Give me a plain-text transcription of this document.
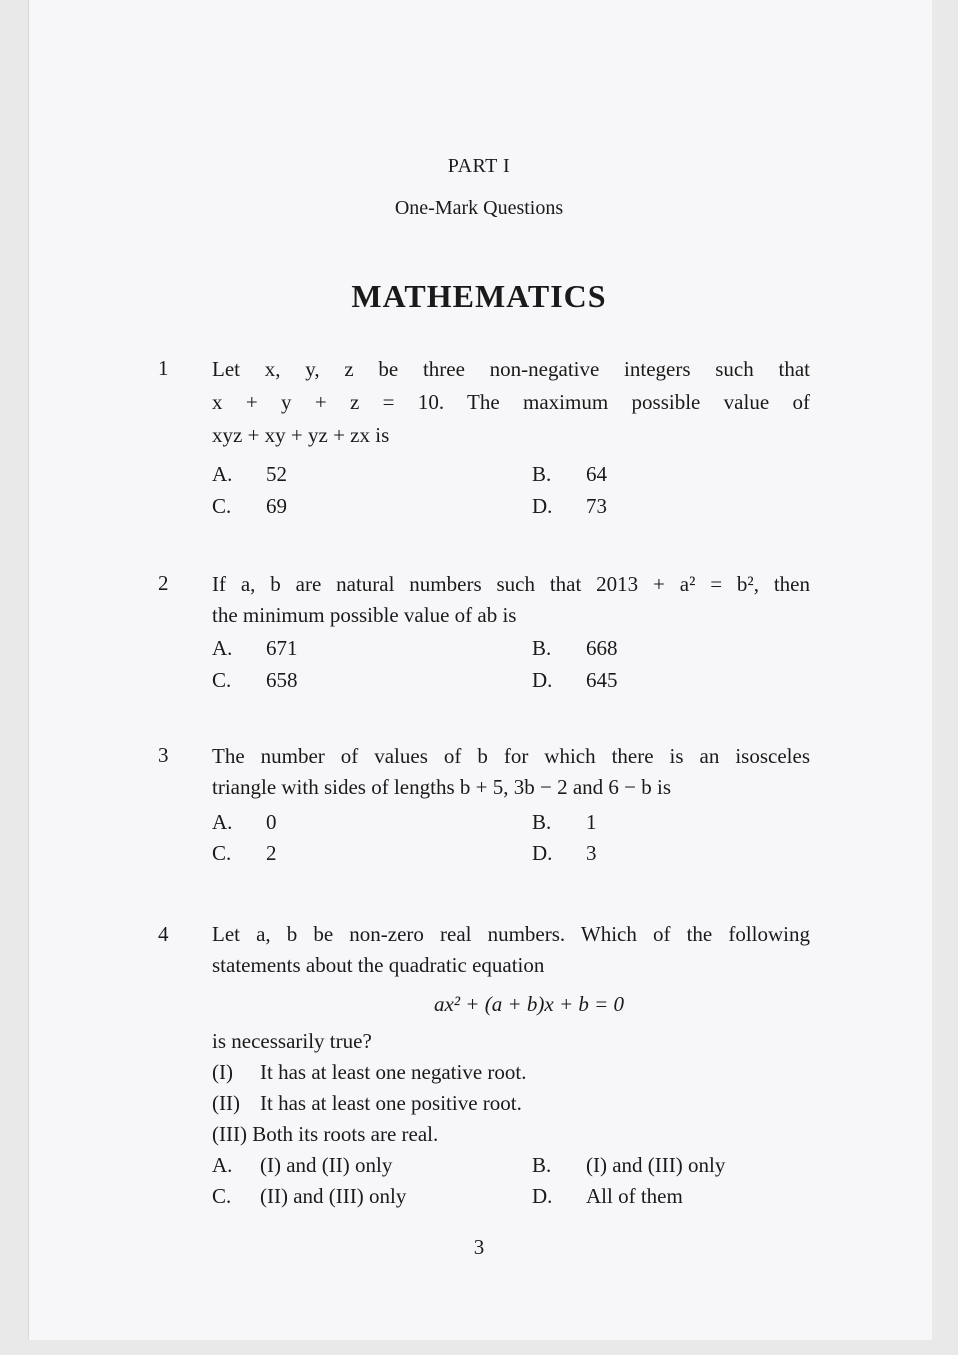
PART I
One-Mark Questions
MATHEMATICS
1 Let x, y, z be three non-negative integers such that
x + y + z = 10. The maximum possible value of
xyz + xy + yz + zx is
A. 52	B. 64
C. 69	D. 73
2 If a, b are natural numbers such that 2013 + a² = b², then
the minimum possible value of ab is
A. 671	B. 668
C. 658	D. 645
3 The number of values of b for which there is an isosceles
triangle with sides of lengths b + 5, 3b − 2 and 6 − b is
A. 0	B. 1
C. 2	D. 3
4 Let a, b be non-zero real numbers. Which of the following
statements about the quadratic equation
ax² + (a + b)x + b = 0
is necessarily true?
(I) It has at least one negative root.
(II) It has at least one positive root.
(III) Both its roots are real.
A. (I) and (II) only	B. (I) and (III) only
C. (II) and (III) only	D. All of them
3
